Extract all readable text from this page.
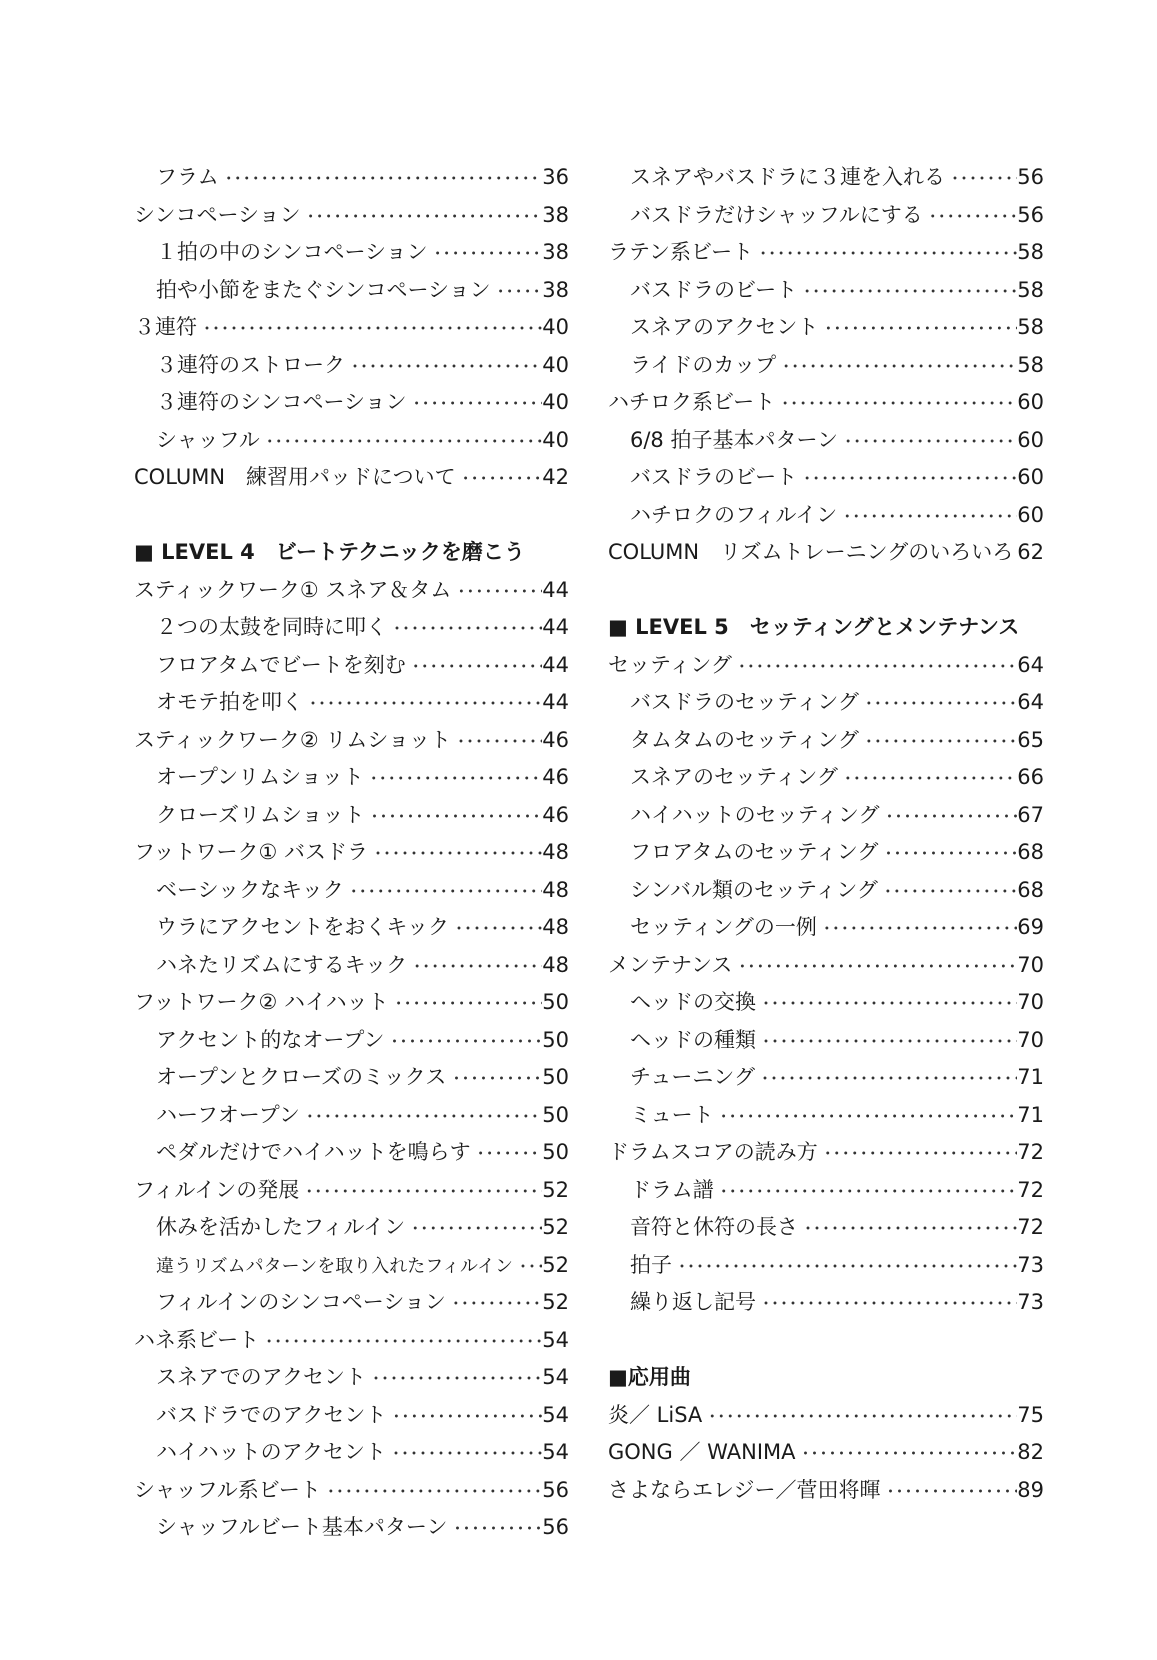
フラム ・・・・・・・・・・・・・・・・・・・・・・・・・・・・・・・・・・・・・・・・・・・・・・・・・・・・・・・・・・・・・・・・・・・・・・・	36
シンコペーション ・・・・・・・・・・・・・・・・・・・・・・・・・・・・・・・・・・・・・・・・・・・・・・・・・・・・・・・・・・・・・・・・・・・・・・・	38
１拍の中のシンコペーション ・・・・・・・・・・・・・・・・・・・・・・・・・・・・・・・・・・・・・・・・・・・・・・・・・・・・・・・・・・・・・・・・・・・・・・・	38
拍や小節をまたぐシンコペーション ・・・・・・・・・・・・・・・・・・・・・・・・・・・・・・・・・・・・・・・・・・・・・・・・・・・・・・・・・・・・・・・・・・・・・・・ 38
３連符 ・・・・・・・・・・・・・・・・・・・・・・・・・・・・・・・・・・・・・・・・・・・・・・・・・・・・・・・・・・・・・・・・・・・・・・・	40
３連符のストローク ・・・・・・・・・・・・・・・・・・・・・・・・・・・・・・・・・・・・・・・・・・・・・・・・・・・・・・・・・・・・・・・・・・・・・・・	40
３連符のシンコペーション ・・・・・・・・・・・・・・・・・・・・・・・・・・・・・・・・・・・・・・・・・・・・・・・・・・・・・・・・・・・・・・・・・・・・・・・	40
シャッフル ・・・・・・・・・・・・・・・・・・・・・・・・・・・・・・・・・・・・・・・・・・・・・・・・・・・・・・・・・・・・・・・・・・・・・・・	40
COLUMN　練習用パッドについて ・・・・・・・・・・・・・・・・・・・・・・・・・・・・・・・・・・・・・・・・・・・・・・・・・・・・・・・・・・・・・・・・・・・・・・・	42
■ LEVEL 4　ビートテクニックを磨こう
スティックワーク① スネア＆タム ・・・・・・・・・・・・・・・・・・・・・・・・・・・・・・・・・・・・・・・・・・・・・・・・・・・・・・・・・・・・・・・・・・・・・・・	44
２つの太鼓を同時に叩く ・・・・・・・・・・・・・・・・・・・・・・・・・・・・・・・・・・・・・・・・・・・・・・・・・・・・・・・・・・・・・・・・・・・・・・・	44
フロアタムでビートを刻む ・・・・・・・・・・・・・・・・・・・・・・・・・・・・・・・・・・・・・・・・・・・・・・・・・・・・・・・・・・・・・・・・・・・・・・・	44
オモテ拍を叩く ・・・・・・・・・・・・・・・・・・・・・・・・・・・・・・・・・・・・・・・・・・・・・・・・・・・・・・・・・・・・・・・・・・・・・・・	44
スティックワーク② リムショット ・・・・・・・・・・・・・・・・・・・・・・・・・・・・・・・・・・・・・・・・・・・・・・・・・・・・・・・・・・・・・・・・・・・・・・・	46
オープンリムショット ・・・・・・・・・・・・・・・・・・・・・・・・・・・・・・・・・・・・・・・・・・・・・・・・・・・・・・・・・・・・・・・・・・・・・・・	46
クローズリムショット ・・・・・・・・・・・・・・・・・・・・・・・・・・・・・・・・・・・・・・・・・・・・・・・・・・・・・・・・・・・・・・・・・・・・・・・	46
フットワーク① バスドラ ・・・・・・・・・・・・・・・・・・・・・・・・・・・・・・・・・・・・・・・・・・・・・・・・・・・・・・・・・・・・・・・・・・・・・・・	48
ベーシックなキック ・・・・・・・・・・・・・・・・・・・・・・・・・・・・・・・・・・・・・・・・・・・・・・・・・・・・・・・・・・・・・・・・・・・・・・・	48
ウラにアクセントをおくキック ・・・・・・・・・・・・・・・・・・・・・・・・・・・・・・・・・・・・・・・・・・・・・・・・・・・・・・・・・・・・・・・・・・・・・・・	48
ハネたリズムにするキック ・・・・・・・・・・・・・・・・・・・・・・・・・・・・・・・・・・・・・・・・・・・・・・・・・・・・・・・・・・・・・・・・・・・・・・・	48
フットワーク② ハイハット ・・・・・・・・・・・・・・・・・・・・・・・・・・・・・・・・・・・・・・・・・・・・・・・・・・・・・・・・・・・・・・・・・・・・・・・	50
アクセント的なオープン ・・・・・・・・・・・・・・・・・・・・・・・・・・・・・・・・・・・・・・・・・・・・・・・・・・・・・・・・・・・・・・・・・・・・・・・	50
オープンとクローズのミックス ・・・・・・・・・・・・・・・・・・・・・・・・・・・・・・・・・・・・・・・・・・・・・・・・・・・・・・・・・・・・・・・・・・・・・・・	50
ハーフオープン ・・・・・・・・・・・・・・・・・・・・・・・・・・・・・・・・・・・・・・・・・・・・・・・・・・・・・・・・・・・・・・・・・・・・・・・	50
ペダルだけでハイハットを鳴らす ・・・・・・・・・・・・・・・・・・・・・・・・・・・・・・・・・・・・・・・・・・・・・・・・・・・・・・・・・・・・・・・・・・・・・・・	50
フィルインの発展 ・・・・・・・・・・・・・・・・・・・・・・・・・・・・・・・・・・・・・・・・・・・・・・・・・・・・・・・・・・・・・・・・・・・・・・・	52
休みを活かしたフィルイン ・・・・・・・・・・・・・・・・・・・・・・・・・・・・・・・・・・・・・・・・・・・・・・・・・・・・・・・・・・・・・・・・・・・・・・・	52
違うリズムパターンを取り入れたフィルイン ・・・・・・・・・・・・・・・・・・・・・・・・・・・・・・・・・・・・・・・・・・・・・・・・・・・・・・・・・・・・・・・・・・・・・・・ 52
フィルインのシンコペーション ・・・・・・・・・・・・・・・・・・・・・・・・・・・・・・・・・・・・・・・・・・・・・・・・・・・・・・・・・・・・・・・・・・・・・・・	52
ハネ系ビート ・・・・・・・・・・・・・・・・・・・・・・・・・・・・・・・・・・・・・・・・・・・・・・・・・・・・・・・・・・・・・・・・・・・・・・・	54
スネアでのアクセント ・・・・・・・・・・・・・・・・・・・・・・・・・・・・・・・・・・・・・・・・・・・・・・・・・・・・・・・・・・・・・・・・・・・・・・・	54
バスドラでのアクセント ・・・・・・・・・・・・・・・・・・・・・・・・・・・・・・・・・・・・・・・・・・・・・・・・・・・・・・・・・・・・・・・・・・・・・・・	54
ハイハットのアクセント ・・・・・・・・・・・・・・・・・・・・・・・・・・・・・・・・・・・・・・・・・・・・・・・・・・・・・・・・・・・・・・・・・・・・・・・	54
シャッフル系ビート ・・・・・・・・・・・・・・・・・・・・・・・・・・・・・・・・・・・・・・・・・・・・・・・・・・・・・・・・・・・・・・・・・・・・・・・	56
シャッフルビート基本パターン ・・・・・・・・・・・・・・・・・・・・・・・・・・・・・・・・・・・・・・・・・・・・・・・・・・・・・・・・・・・・・・・・・・・・・・・	56
スネアやバスドラに３連を入れる ・・・・・・・・・・・・・・・・・・・・・・・・・・・・・・・・・・・・・・・・・・・・・・・・・・・・・・・・・・・・・・・・・・・・・・・	56
バスドラだけシャッフルにする ・・・・・・・・・・・・・・・・・・・・・・・・・・・・・・・・・・・・・・・・・・・・・・・・・・・・・・・・・・・・・・・・・・・・・・・	56
ラテン系ビート ・・・・・・・・・・・・・・・・・・・・・・・・・・・・・・・・・・・・・・・・・・・・・・・・・・・・・・・・・・・・・・・・・・・・・・・	58
バスドラのビート ・・・・・・・・・・・・・・・・・・・・・・・・・・・・・・・・・・・・・・・・・・・・・・・・・・・・・・・・・・・・・・・・・・・・・・・	58
スネアのアクセント ・・・・・・・・・・・・・・・・・・・・・・・・・・・・・・・・・・・・・・・・・・・・・・・・・・・・・・・・・・・・・・・・・・・・・・・	58
ライドのカップ ・・・・・・・・・・・・・・・・・・・・・・・・・・・・・・・・・・・・・・・・・・・・・・・・・・・・・・・・・・・・・・・・・・・・・・・	58
ハチロク系ビート ・・・・・・・・・・・・・・・・・・・・・・・・・・・・・・・・・・・・・・・・・・・・・・・・・・・・・・・・・・・・・・・・・・・・・・・	60
6/8 拍子基本パターン ・・・・・・・・・・・・・・・・・・・・・・・・・・・・・・・・・・・・・・・・・・・・・・・・・・・・・・・・・・・・・・・・・・・・・・・	60
バスドラのビート ・・・・・・・・・・・・・・・・・・・・・・・・・・・・・・・・・・・・・・・・・・・・・・・・・・・・・・・・・・・・・・・・・・・・・・・	60
ハチロクのフィルイン ・・・・・・・・・・・・・・・・・・・・・・・・・・・・・・・・・・・・・・・・・・・・・・・・・・・・・・・・・・・・・・・・・・・・・・・	60
COLUMN　リズムトレーニングのいろいろ ・・・・・・・・・・・・・・・・・・・・・・・・・・・・・・・・・・・・・・・・・・・・・・・・・・・・・・・・・・・・・・・・・・・・・・・ 62
■ LEVEL 5　セッティングとメンテナンス
セッティング ・・・・・・・・・・・・・・・・・・・・・・・・・・・・・・・・・・・・・・・・・・・・・・・・・・・・・・・・・・・・・・・・・・・・・・・	64
バスドラのセッティング ・・・・・・・・・・・・・・・・・・・・・・・・・・・・・・・・・・・・・・・・・・・・・・・・・・・・・・・・・・・・・・・・・・・・・・・	64
タムタムのセッティング ・・・・・・・・・・・・・・・・・・・・・・・・・・・・・・・・・・・・・・・・・・・・・・・・・・・・・・・・・・・・・・・・・・・・・・・	65
スネアのセッティング ・・・・・・・・・・・・・・・・・・・・・・・・・・・・・・・・・・・・・・・・・・・・・・・・・・・・・・・・・・・・・・・・・・・・・・・	66
ハイハットのセッティング ・・・・・・・・・・・・・・・・・・・・・・・・・・・・・・・・・・・・・・・・・・・・・・・・・・・・・・・・・・・・・・・・・・・・・・・	67
フロアタムのセッティング ・・・・・・・・・・・・・・・・・・・・・・・・・・・・・・・・・・・・・・・・・・・・・・・・・・・・・・・・・・・・・・・・・・・・・・・	68
シンバル類のセッティング ・・・・・・・・・・・・・・・・・・・・・・・・・・・・・・・・・・・・・・・・・・・・・・・・・・・・・・・・・・・・・・・・・・・・・・・	68
セッティングの一例 ・・・・・・・・・・・・・・・・・・・・・・・・・・・・・・・・・・・・・・・・・・・・・・・・・・・・・・・・・・・・・・・・・・・・・・・	69
メンテナンス ・・・・・・・・・・・・・・・・・・・・・・・・・・・・・・・・・・・・・・・・・・・・・・・・・・・・・・・・・・・・・・・・・・・・・・・	70
ヘッドの交換 ・・・・・・・・・・・・・・・・・・・・・・・・・・・・・・・・・・・・・・・・・・・・・・・・・・・・・・・・・・・・・・・・・・・・・・・	70
ヘッドの種類 ・・・・・・・・・・・・・・・・・・・・・・・・・・・・・・・・・・・・・・・・・・・・・・・・・・・・・・・・・・・・・・・・・・・・・・・	70
チューニング ・・・・・・・・・・・・・・・・・・・・・・・・・・・・・・・・・・・・・・・・・・・・・・・・・・・・・・・・・・・・・・・・・・・・・・・	71
ミュート ・・・・・・・・・・・・・・・・・・・・・・・・・・・・・・・・・・・・・・・・・・・・・・・・・・・・・・・・・・・・・・・・・・・・・・・	71
ドラムスコアの読み方 ・・・・・・・・・・・・・・・・・・・・・・・・・・・・・・・・・・・・・・・・・・・・・・・・・・・・・・・・・・・・・・・・・・・・・・・	72
ドラム譜 ・・・・・・・・・・・・・・・・・・・・・・・・・・・・・・・・・・・・・・・・・・・・・・・・・・・・・・・・・・・・・・・・・・・・・・・	72
音符と休符の長さ ・・・・・・・・・・・・・・・・・・・・・・・・・・・・・・・・・・・・・・・・・・・・・・・・・・・・・・・・・・・・・・・・・・・・・・・	72
拍子 ・・・・・・・・・・・・・・・・・・・・・・・・・・・・・・・・・・・・・・・・・・・・・・・・・・・・・・・・・・・・・・・・・・・・・・・	73
繰り返し記号 ・・・・・・・・・・・・・・・・・・・・・・・・・・・・・・・・・・・・・・・・・・・・・・・・・・・・・・・・・・・・・・・・・・・・・・・	73
■応用曲
炎／ LiSA ・・・・・・・・・・・・・・・・・・・・・・・・・・・・・・・・・・・・・・・・・・・・・・・・・・・・・・・・・・・・・・・・・・・・・・・	75
GONG ／ WANIMA ・・・・・・・・・・・・・・・・・・・・・・・・・・・・・・・・・・・・・・・・・・・・・・・・・・・・・・・・・・・・・・・・・・・・・・・	82
さよならエレジー／菅田将暉 ・・・・・・・・・・・・・・・・・・・・・・・・・・・・・・・・・・・・・・・・・・・・・・・・・・・・・・・・・・・・・・・・・・・・・・・	89
